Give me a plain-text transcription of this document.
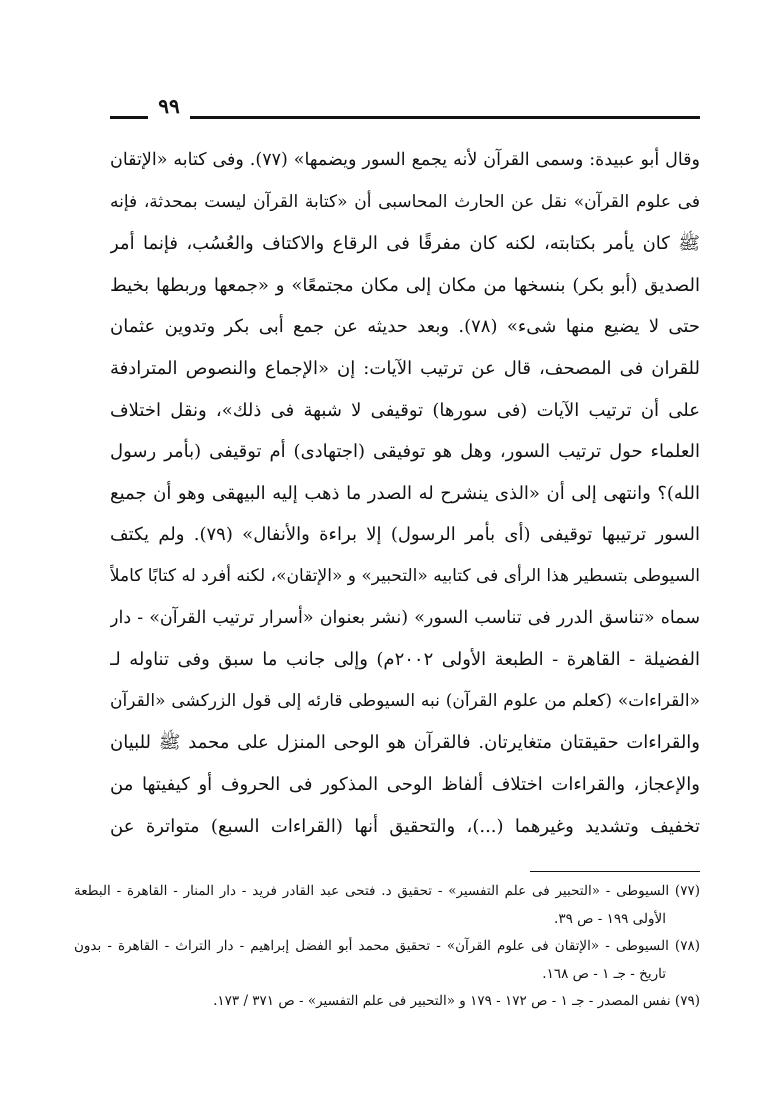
٩٩
وقال أبو عبيدة: وسمى القرآن لأنه يجمع السور ويضمها» (٧٧). وفى كتابه «الإتقان
فى علوم القرآن» نقل عن الحارث المحاسبى أن «كتابة القرآن ليست بمحدثة، فإنه
ﷺ كان يأمر بكتابته، لكنه كان مفرقًا فى الرقاع والاكتاف والعُسُب، فإنما أمر
الصديق (أبو بكر) بنسخها من مكان إلى مكان مجتمعًا» و «جمعها وربطها بخيط
حتى لا يضيع منها شىء» (٧٨). وبعد حديثه عن جمع أبى بكر وتدوين عثمان
للقران فى المصحف، قال عن ترتيب الآيات: إن «الإجماع والنصوص المترادفة
على أن ترتيب الآيات (فى سورها) توقيفى لا شبهة فى ذلك»، ونقل اختلاف
العلماء حول ترتيب السور، وهل هو توفيقى (اجتهادى) أم توقيفى (بأمر رسول
الله)؟ وانتهى إلى أن «الذى ينشرح له الصدر ما ذهب إليه البيهقى وهو أن جميع
السور ترتيبها توقيفى (أى بأمر الرسول) إلا براءة والأنفال» (٧٩). ولم يكتف
السيوطى بتسطير هذا الرأى فى كتابيه «التحبير» و «الإتقان»، لكنه أفرد له كتابًا كاملاً
سماه «تناسق الدرر فى تناسب السور» (نشر بعنوان «أسرار ترتيب القرآن» - دار
الفضيلة - القاهرة - الطبعة الأولى ٢٠٠٢م) وإلى جانب ما سبق وفى تناوله لـ
«القراءات» (كعلم من علوم القرآن) نبه السيوطى قارئه إلى قول الزركشى «القرآن
والقراءات حقيقتان متغايرتان. فالقرآن هو الوحى المنزل على محمد ﷺ للبيان
والإعجاز، والقراءات اختلاف ألفاظ الوحى المذكور فى الحروف أو كيفيتها من
تخفيف وتشديد وغيرهما (...)، والتحقيق أنها (القراءات السبع) متواترة عن
(٧٧) السيوطى - «التحبير فى علم التفسير» - تحقيق د. فتحى عبد القادر فريد - دار المنار - القاهرة - البطعة
الأولى ١٩٩ - ص ٣٩.
(٧٨) السيوطى - «الإتقان فى علوم القرآن» - تحقيق محمد أبو الفضل إبراهيم - دار التراث - القاهرة - بدون
تاريخ - جـ ١ - ص ١٦٨.
(٧٩) نفس المصدر - جـ ١ - ص ١٧٢ - ١٧٩ و «التحبير فى علم التفسير» - ص ٣٧١ / ١٧٣.
